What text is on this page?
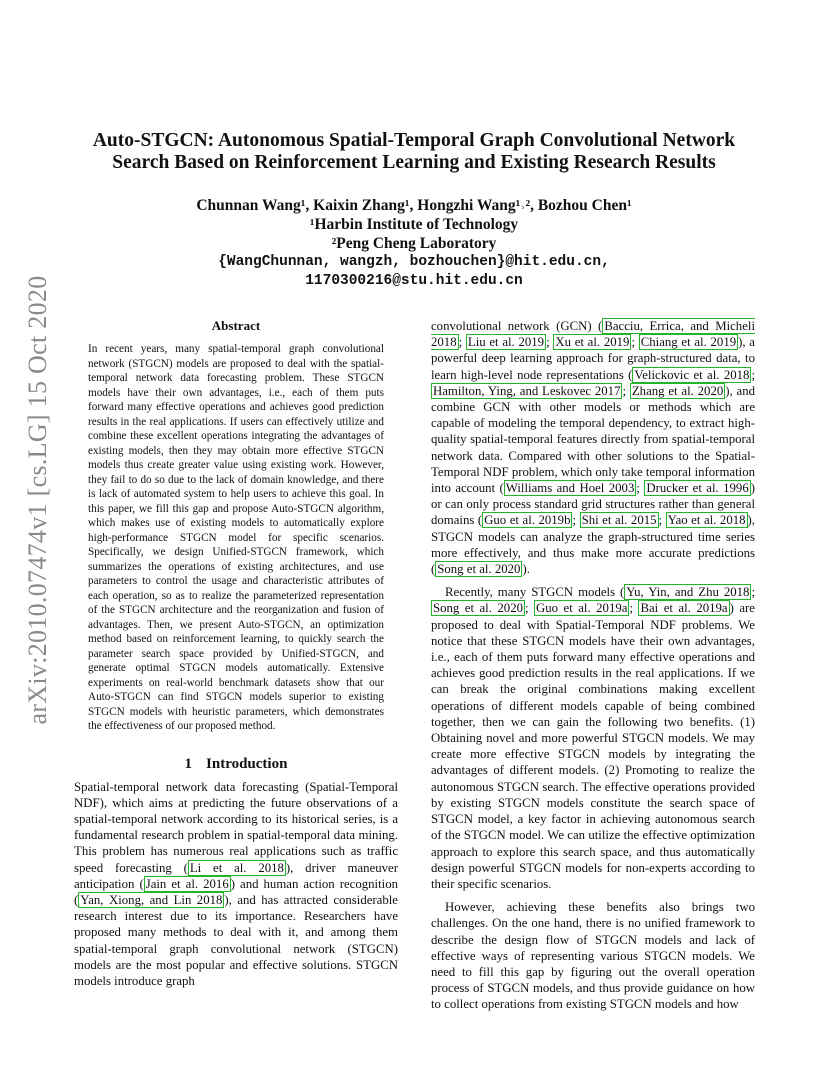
arXiv:2010.07474v1 [cs.LG] 15 Oct 2020
Auto-STGCN: Autonomous Spatial-Temporal Graph Convolutional Network
Search Based on Reinforcement Learning and Existing Research Results
Chunnan Wang¹, Kaixin Zhang¹, Hongzhi Wang¹˒², Bozhou Chen¹
¹Harbin Institute of Technology
²Peng Cheng Laboratory
{WangChunnan, wangzh, bozhouchen}@hit.edu.cn,
1170300216@stu.hit.edu.cn
Abstract

In recent years, many spatial-temporal graph convolutional network (STGCN) models are proposed to deal with the spatial-temporal network data forecasting problem. These STGCN models have their own advantages, i.e., each of them puts forward many effective operations and achieves good prediction results in the real applications. If users can effectively utilize and combine these excellent operations integrating the advantages of existing models, then they may obtain more effective STGCN models thus create greater value using existing work. However, they fail to do so due to the lack of domain knowledge, and there is lack of automated system to help users to achieve this goal. In this paper, we fill this gap and propose Auto-STGCN algorithm, which makes use of existing models to automatically explore high-performance STGCN model for specific scenarios. Specifically, we design Unified-STGCN framework, which summarizes the operations of existing architectures, and use parameters to control the usage and characteristic attributes of each operation, so as to realize the parameterized representation of the STGCN architecture and the reorganization and fusion of advantages. Then, we present Auto-STGCN, an optimization method based on reinforcement learning, to quickly search the parameter search space provided by Unified-STGCN, and generate optimal STGCN models automatically. Extensive experiments on real-world benchmark datasets show that our Auto-STGCN can find STGCN models superior to existing STGCN models with heuristic parameters, which demonstrates the effectiveness of our proposed method.

1 Introduction

Spatial-temporal network data forecasting (Spatial-Temporal NDF), which aims at predicting the future observations of a spatial-temporal network according to its historical series, is a fundamental research problem in spatial-temporal data mining. This problem has numerous real applications such as traffic speed forecasting ( Li et al. 2018 ), driver maneuver anticipation ( Jain et al. 2016 ) and human action recognition ( Yan, Xiong, and Lin 2018 ), and has attracted considerable research interest due to its importance. Researchers have proposed many methods to deal with it, and among them spatial-temporal graph convolutional network (STGCN) models are the most popular and effective solutions. STGCN models introduce graph

convolutional network (GCN) ( Bacciu, Errica, and Micheli 2018 ; Liu et al. 2019 ; Xu et al. 2019 ; Chiang et al. 2019 ), a powerful deep learning approach for graph-structured data, to learn high-level node representations ( Velickovic et al. 2018 ; Hamilton, Ying, and Leskovec 2017 ; Zhang et al. 2020 ), and combine GCN with other models or methods which are capable of modeling the temporal dependency, to extract high-quality spatial-temporal features directly from spatial-temporal network data. Compared with other solutions to the Spatial-Temporal NDF problem, which only take temporal information into account ( Williams and Hoel 2003 ; Drucker et al. 1996 ) or can only process standard grid structures rather than general domains ( Guo et al. 2019b ; Shi et al. 2015 ; Yao et al. 2018 ), STGCN models can analyze the graph-structured time series more effectively, and thus make more accurate predictions ( Song et al. 2020 ).

Recently, many STGCN models ( Yu, Yin, and Zhu 2018 ; Song et al. 2020 ; Guo et al. 2019a ; Bai et al. 2019a ) are proposed to deal with Spatial-Temporal NDF problems. We notice that these STGCN models have their own advantages, i.e., each of them puts forward many effective operations and achieves good prediction results in the real applications. If we can break the original combinations making excellent operations of different models capable of being combined together, then we can gain the following two benefits. (1) Obtaining novel and more powerful STGCN models. We may create more effective STGCN models by integrating the advantages of different models. (2) Promoting to realize the autonomous STGCN search. The effective operations provided by existing STGCN models constitute the search space of STGCN model, a key factor in achieving autonomous search of the STGCN model. We can utilize the effective optimization approach to explore this search space, and thus automatically design powerful STGCN models for non-experts according to their specific scenarios.

However, achieving these benefits also brings two challenges. On the one hand, there is no unified framework to describe the design flow of STGCN models and lack of effective ways of representing various STGCN models. We need to fill this gap by figuring out the overall operation process of STGCN models, and thus provide guidance on how to collect operations from existing STGCN models and how
